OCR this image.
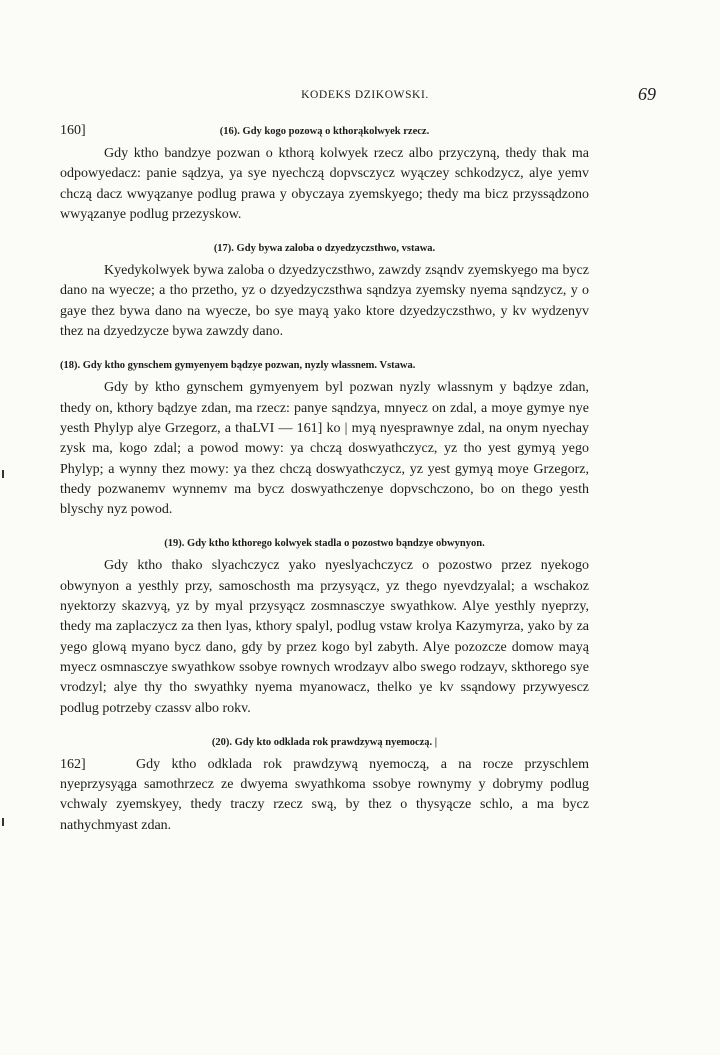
KODEKS DZIKOWSKI.	69
160]	(16). Gdy kogo pozową o kthorąkolwyek rzecz.

Gdy ktho bandzye pozwan o kthorą kolwyek rzecz albo przyczyną, thedy thak ma odpowyedacz: panie sądzya, ya sye nyechczą dopvsczycz wyączey schkodzycz, alye yemv chczą dacz wwyązanye podlug prawa y obyczaya zyemskyego; thedy ma bicz przyssądzono wwyązanye podlug przezyskow.

(17). Gdy bywa zaloba o dzyedzyczsthwo, vstawa.

Kyedykolwyek bywa zaloba o dzyedzyczsthwo, zawzdy zsąndv zyemskyego ma bycz dano na wyecze; a tho przetho, yz o dzyedzyczsthwa sąndzya zyemsky nyema sąndzycz, y o gaye thez bywa dano na wyecze, bo sye mayą yako ktore dzyedzyczsthwo, y kv wydzenyv thez na dzyedzycze bywa zawzdy dano.

(18). Gdy ktho gynschem gymyenyem bądzye pozwan, nyzly wlassnem. Vstawa.

Gdy by ktho gynschem gymyenyem byl pozwan nyzly wlassnym y bądzye zdan, thedy on, kthory bądzye zdan, ma rzecz: panye sąndzya, mnyecz on zdal, a moye gymye nye yesth Phylyp alye Grzegorz, a thaLVI — 161] ko | myą nyesprawnye zdal, na onym nyechay zysk ma, kogo zdal; a powod mowy: ya chczą doswyathczycz, yz tho yest gymyą yego Phylyp; a wynny thez mowy: ya thez chczą doswyathczycz, yz yest gymyą moye Grzegorz, thedy pozwanemv wynnemv ma bycz doswyathczenye dopvschczono, bo on thego yesth blyschy nyz powod.

(19). Gdy ktho kthorego kolwyek stadla o pozostwo bąndzye obwynyon.

Gdy ktho thako slyachczycz yako nyeslyachczycz o pozostwo przez nyekogo obwynyon a yesthly przy, samoschosth ma przysyącz, yz thego nyevdzyalal; a wschakoz nyektorzy skazvyą, yz by myal przysyącz zosmnasczye swyathkow. Alye yesthly nyeprzy, thedy ma zaplaczycz za then lyas, kthory spalyl, podlug vstaw krolya Kazymyrza, yako by za yego glową myano bycz dano, gdy by przez kogo byl zabyth. Alye pozozcze domow mayą myecz osmnasczye swyathkow ssobye rownych wrodzayv albo swego rodzayv, skthorego sye vrodzyl; alye thy tho swyathky nyema myanowacz, thelko ye kv ssąndowy przywyescz podlug potrzeby czassv albo rokv.

(20). Gdy kto odklada rok prawdzywą nyemoczą. |

162]	Gdy ktho odklada rok prawdzywą nyemoczą, a na rocze przyschlem nyeprzysyąga samothrzecz ze dwyema swyathkoma ssobye rownymy y dobrymy podlug vchwaly zyemskyey, thedy traczy rzecz swą, by thez o thysyącze schlo, a ma bycz nathychmyast zdan.
